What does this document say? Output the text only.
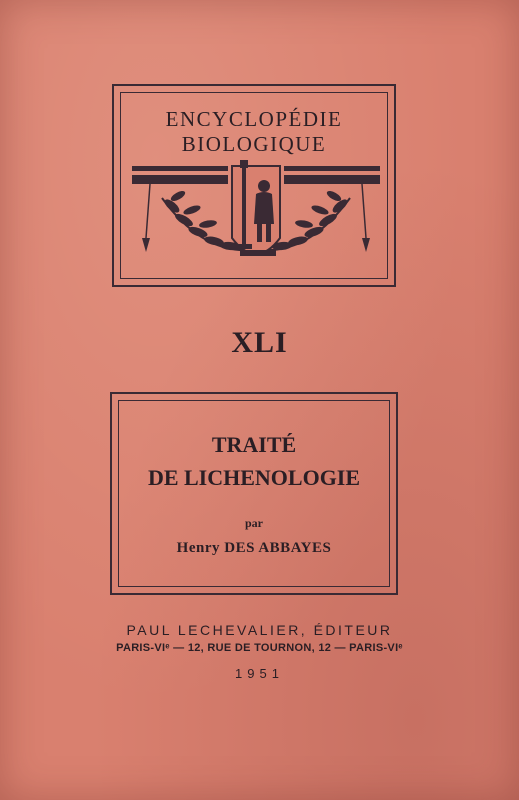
ENCYCLOPÉDIE
BIOLOGIQUE
XLI
TRAITÉ
DE LICHENOLOGIE
par
Henry DES ABBAYES
PAUL LECHEVALIER, ÉDITEUR
PARIS-VIᵉ — 12, RUE DE TOURNON, 12 — PARIS-VIᵉ
1951
